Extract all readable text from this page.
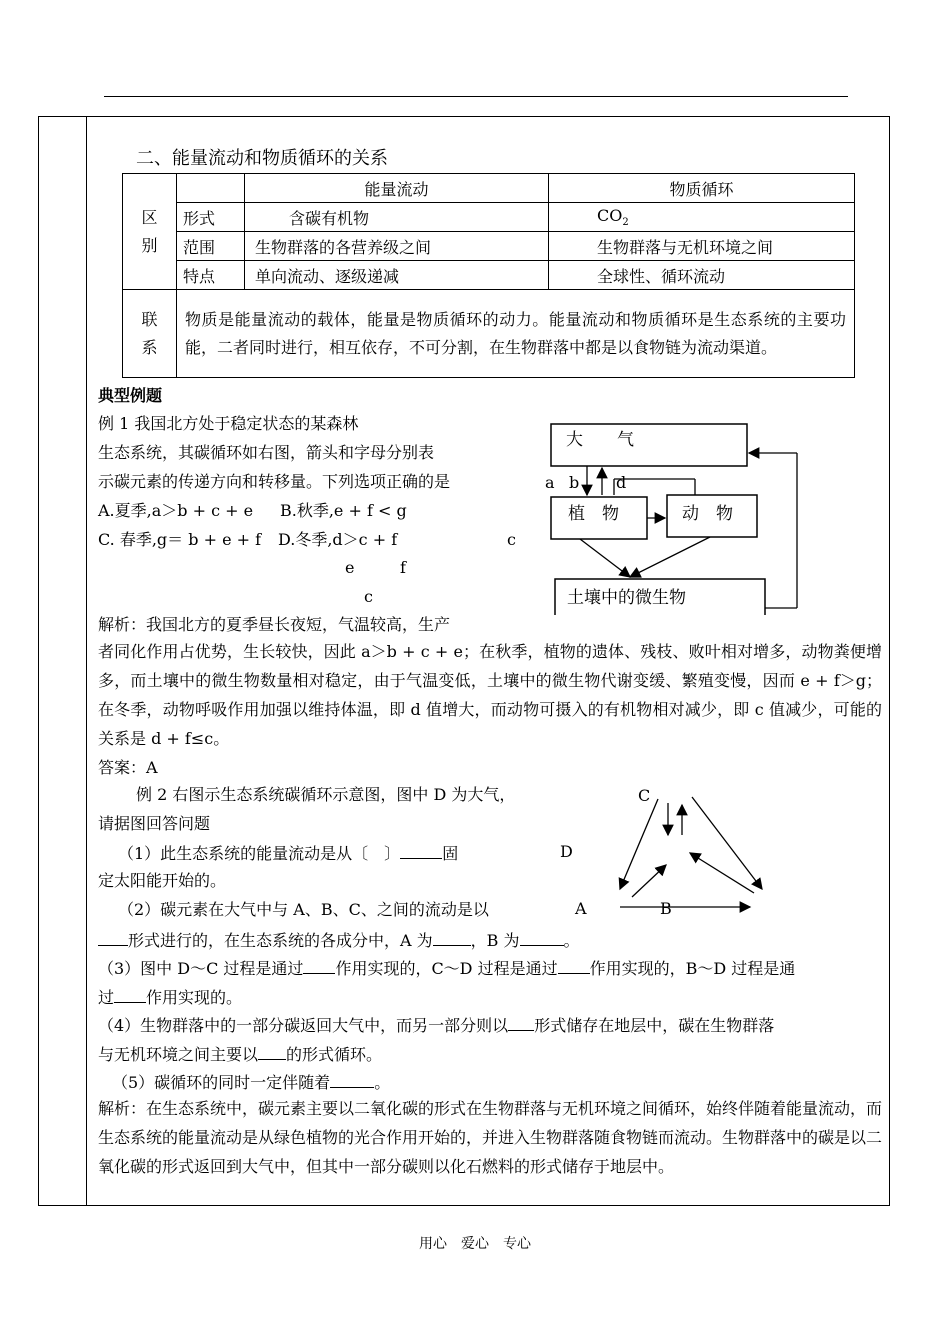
二、能量流动和物质循环的关系
区别		能量流动	物质循环
	形式	含碳有机物	$CO_2$
	范围	生物群落的各营养级之间	生物群落与无机环境之间
	特点	单向流动、逐级递减	全球性、循环流动
联系	物质是能量流动的载体，能量是物质循环的动力。能量流动和物质循环是生态系统的主要功能，二者同时进行，相互依存，不可分割，在生物群落中都是以食物链为流动渠道。		
典型例题
例 1 我国北方处于稳定状态的某森林
生态系统，其碳循环如右图，箭头和字母分别表
示碳元素的传递方向和转移量。下列选项正确的是
A.夏季,a＞b + c + e B.秋季,e + f < g
C. 春季,g＝ b + e + f D.冬季,d＞c + f
大　　气
植　物	动　物
土壤中的微生物
a b d
c
e	f
c
解析：我国北方的夏季昼长夜短，气温较高，生产
者同化作用占优势，生长较快，因此 a＞b + c + e；在秋季，植物的遗体、残枝、败叶相对增多，动物粪便增多，而土壤中的微生物数量相对稳定，由于气温变低，土壤中的微生物代谢变缓、繁殖变慢，因而 e + f＞g；在冬季，动物呼吸作用加强以维持体温，即 d 值增大，而动物可摄入的有机物相对减少，即 c 值减少，可能的关系是 d + f≤c。
答案：A
例 2 右图示生态系统碳循环示意图，图中 D 为大气，
请据图回答问题
（1）此生态系统的能量流动是从〔　〕	固
定太阳能开始的。
（2）碳元素在大气中与 A、B、C、之间的流动是以
形式进行的，在生态系统的各成分中，A 为 ，B 为	。
C
D
A	B
（3）图中 D～C 过程是通过 作用实现的，C～D 过程是通过 作用实现的，B～D 过程是通
过 作用实现的。
（4）生物群落中的一部分碳返回大气中，而另一部分则以 形式储存在地层中，碳在生物群落
与无机环境之间主要以 的形式循环。
（5）碳循环的同时一定伴随着	。
解析：在生态系统中，碳元素主要以二氧化碳的形式在生物群落与无机环境之间循环，始终伴随着能量流动，而生态系统的能量流动是从绿色植物的光合作用开始的，并进入生物群落随食物链而流动。生物群落中的碳是以二氧化碳的形式返回到大气中，但其中一部分碳则以化石燃料的形式储存于地层中。
用心　爱心　专心
